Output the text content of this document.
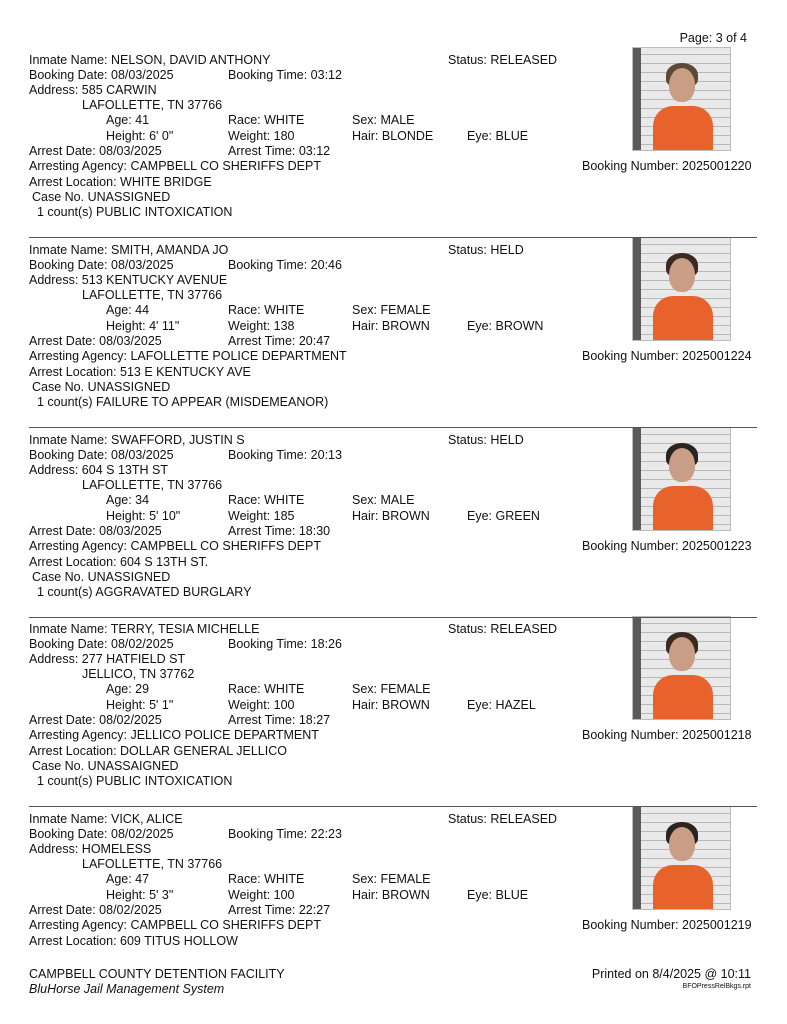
Page: 3 of 4
Inmate Name: NELSON, DAVID ANTHONY	Status: RELEASED
Booking Date: 08/03/2025	Booking Time: 03:12
Address: 585 CARWIN
LAFOLLETTE, TN 37766
Age: 41	Race: WHITE	Sex: MALE
Height: 6' 0"	Weight: 180	Hair: BLONDE	Eye: BLUE
Arrest Date: 08/03/2025	Arrest Time: 03:12
Arresting Agency: CAMPBELL CO SHERIFFS DEPT	Booking Number: 2025001220
Arrest Location: WHITE BRIDGE
Case No. UNASSIGNED
1 count(s) PUBLIC INTOXICATION
Inmate Name: SMITH, AMANDA JO	Status: HELD
Booking Date: 08/03/2025	Booking Time: 20:46
Address: 513 KENTUCKY AVENUE
LAFOLLETTE, TN 37766
Age: 44	Race: WHITE	Sex: FEMALE
Height: 4' 11"	Weight: 138	Hair: BROWN	Eye: BROWN
Arrest Date: 08/03/2025	Arrest Time: 20:47
Arresting Agency: LAFOLLETTE POLICE DEPARTMENT	Booking Number: 2025001224
Arrest Location: 513 E KENTUCKY AVE
Case No. UNASSIGNED
1 count(s) FAILURE TO APPEAR (MISDEMEANOR)
Inmate Name: SWAFFORD, JUSTIN S	Status: HELD
Booking Date: 08/03/2025	Booking Time: 20:13
Address: 604 S 13TH ST
LAFOLLETTE, TN 37766
Age: 34	Race: WHITE	Sex: MALE
Height: 5' 10"	Weight: 185	Hair: BROWN	Eye: GREEN
Arrest Date: 08/03/2025	Arrest Time: 18:30
Arresting Agency: CAMPBELL CO SHERIFFS DEPT	Booking Number: 2025001223
Arrest Location: 604 S 13TH ST.
Case No. UNASSIGNED
1 count(s) AGGRAVATED BURGLARY
Inmate Name: TERRY, TESIA MICHELLE	Status: RELEASED
Booking Date: 08/02/2025	Booking Time: 18:26
Address: 277 HATFIELD ST
JELLICO, TN 37762
Age: 29	Race: WHITE	Sex: FEMALE
Height: 5' 1"	Weight: 100	Hair: BROWN	Eye: HAZEL
Arrest Date: 08/02/2025	Arrest Time: 18:27
Arresting Agency: JELLICO POLICE DEPARTMENT	Booking Number: 2025001218
Arrest Location: DOLLAR GENERAL JELLICO
Case No. UNASSAIGNED
1 count(s) PUBLIC INTOXICATION
Inmate Name: VICK, ALICE	Status: RELEASED
Booking Date: 08/02/2025	Booking Time: 22:23
Address: HOMELESS
LAFOLLETTE, TN 37766
Age: 47	Race: WHITE	Sex: FEMALE
Height: 5' 3"	Weight: 100	Hair: BROWN	Eye: BLUE
Arrest Date: 08/02/2025	Arrest Time: 22:27
Arresting Agency: CAMPBELL CO SHERIFFS DEPT	Booking Number: 2025001219
Arrest Location: 609 TITUS HOLLOW
CAMPBELL COUNTY DETENTION FACILITY
BluHorse Jail Management System
Printed on 8/4/2025 @ 10:11
BFOPressRelBkgs.rpt
